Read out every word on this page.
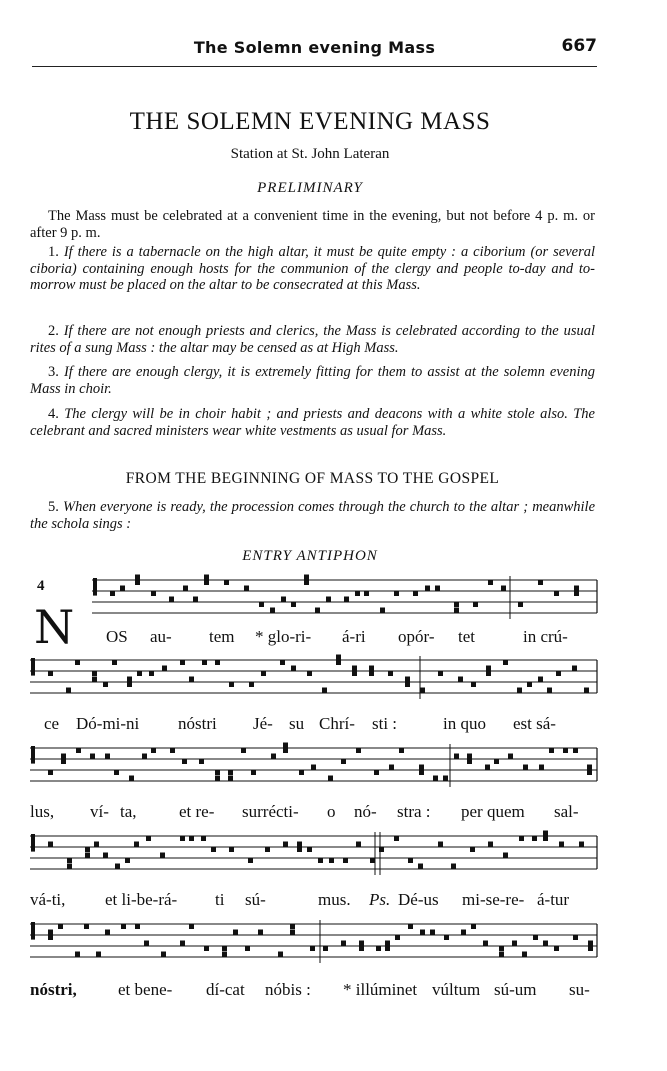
The Solemn evening Mass	667
THE SOLEMN EVENING MASS
Station at St. John Lateran
PRELIMINARY

The Mass must be celebrated at a convenient time in the evening, but not before 4 p. m. or after 9 p. m.

1. If there is a tabernacle on the high altar, it must be quite empty : a ciborium (or several ciboria) containing enough hosts for the communion of the clergy and people to-day and to-morrow must be placed on the altar to be consecrated at this Mass.

2. If there are not enough priests and clerics, the Mass is celebrated according to the usual rites of a sung Mass : the altar may be censed as at High Mass.

3. If there are enough clergy, it is extremely fitting for them to assist at the solemn evening Mass in choir.

4. The clergy will be in choir habit ; and priests and deacons with a white stole also. The celebrant and sacred ministers wear white vestments as usual for Mass.

FROM THE BEGINNING OF MASS TO THE GOSPEL

5. When everyone is ready, the procession comes through the church to the altar ; meanwhile the schola sings :

ENTRY ANTIPHON
4
N OS au- tem * glo-ri- á-ri opór- tet	in crú-
ce Dó-mi-ni nóstri Jé- su Chrí- sti :	in quo est sá-
lus, ví- ta, et re- surrécti- o nó- stra : per quem sal-
vá-ti, et li-be-rá- ti sú-	mus. Ps. Dé-us mi-se-re- á-tur
nóstri, et bene- dí-cat nóbis : * illúminet vúltum sú-um su-
